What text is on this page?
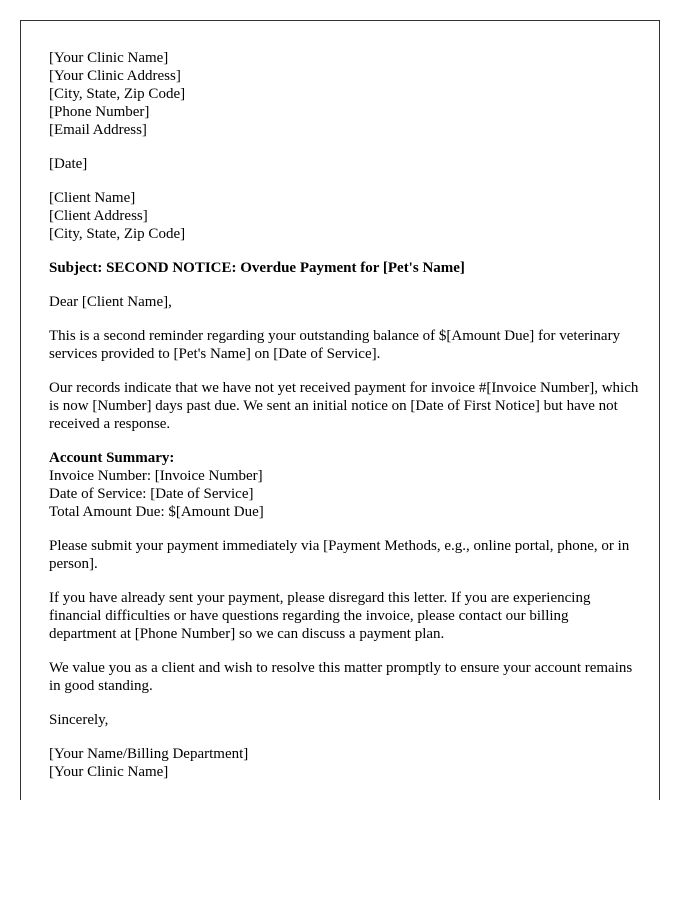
[Your Clinic Name]
[Your Clinic Address]
[City, State, Zip Code]
[Phone Number]
[Email Address]
[Date]
[Client Name]
[Client Address]
[City, State, Zip Code]

Subject: SECOND NOTICE: Overdue Payment for [Pet's Name]

Dear [Client Name],

This is a second reminder regarding your outstanding balance of $[Amount Due] for veterinary services provided to [Pet's Name] on [Date of Service].

Our records indicate that we have not yet received payment for invoice #[Invoice Number], which is now [Number] days past due. We sent an initial notice on [Date of First Notice] but have not received a response.

Account Summary:
Invoice Number: [Invoice Number]
Date of Service: [Date of Service]
Total Amount Due: $[Amount Due]

Please submit your payment immediately via [Payment Methods, e.g., online portal, phone, or in person].

If you have already sent your payment, please disregard this letter. If you are experiencing financial difficulties or have questions regarding the invoice, please contact our billing department at [Phone Number] so we can discuss a payment plan.

We value you as a client and wish to resolve this matter promptly to ensure your account remains in good standing.

Sincerely,

[Your Name/Billing Department]
[Your Clinic Name]
